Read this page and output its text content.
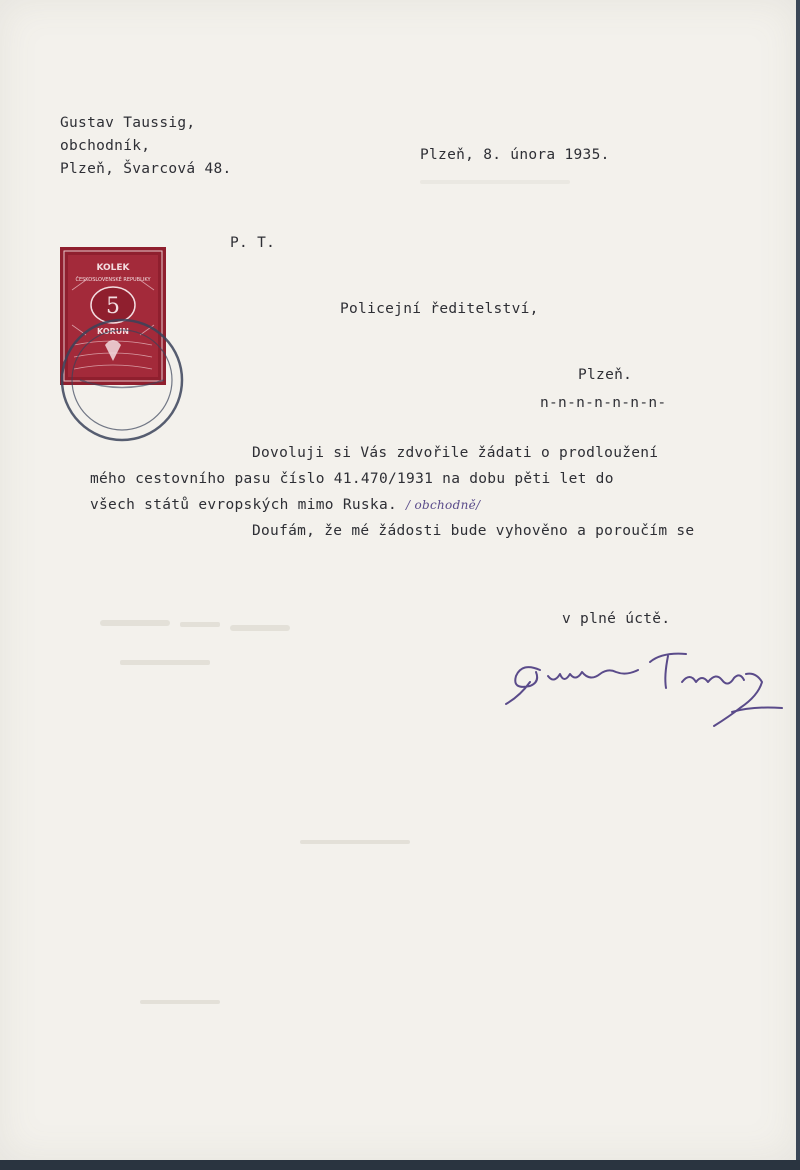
Gustav Taussig,
obchodník,
Plzeň, Švarcová 48.
Plzeň, 8. února 1935.
P. T.
Policejní ředitelství,
Plzeň.
n-n-n-n-n-n-n-
Dovoluji si Vás zdvořile žádati o prodloužení
mého cestovního pasu číslo 41.470/1931 na dobu pěti let do
všech států evropských mimo Ruska. / obchodně/
Doufám, že mé žádosti bude vyhověno a poroučím se
v plné úctě.
KOLEK
ČESKOSLOVENSKÉ REPUBLIKY
5
KORUN
